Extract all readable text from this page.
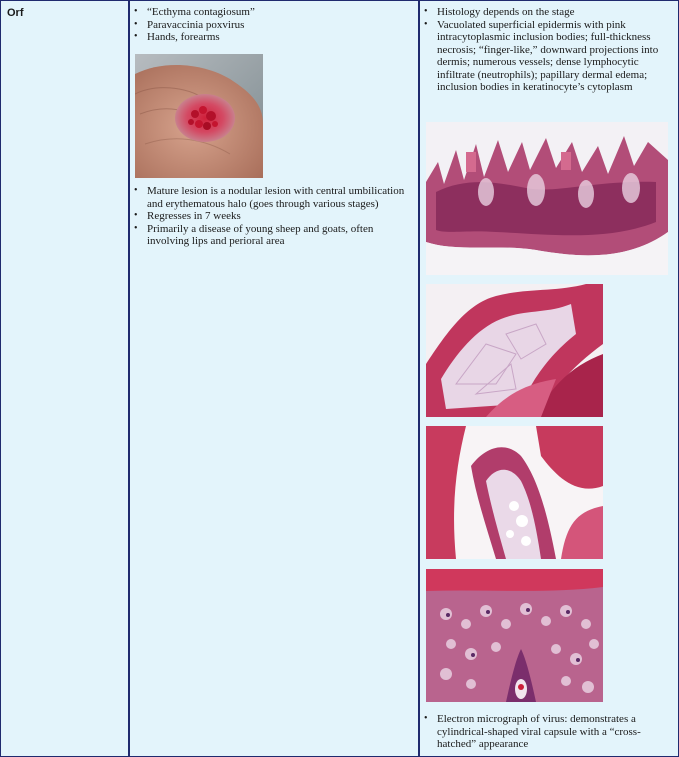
Orf
•	“Ecthyma contagiosum”
• Paravaccinia poxvirus
• Hands, forearms
• Mature lesion is a nodular lesion with central umbilication and erythematous halo (goes through various stages)
• Regresses in 7 weeks
• Primarily a disease of young sheep and goats, often involving lips and perioral area
• Histology depends on the stage
• Vacuolated superficial epidermis with pink intracytoplasmic inclusion bodies; full-thickness necrosis; “finger-like,” downward projections into dermis; numerous vessels; dense lymphocytic infiltrate (neutrophils); papillary dermal edema; inclusion bodies in keratinocyte’s cytoplasm
• Electron micrograph of virus: demonstrates a cylindrical-shaped viral capsule with a “cross-hatched” appearance
